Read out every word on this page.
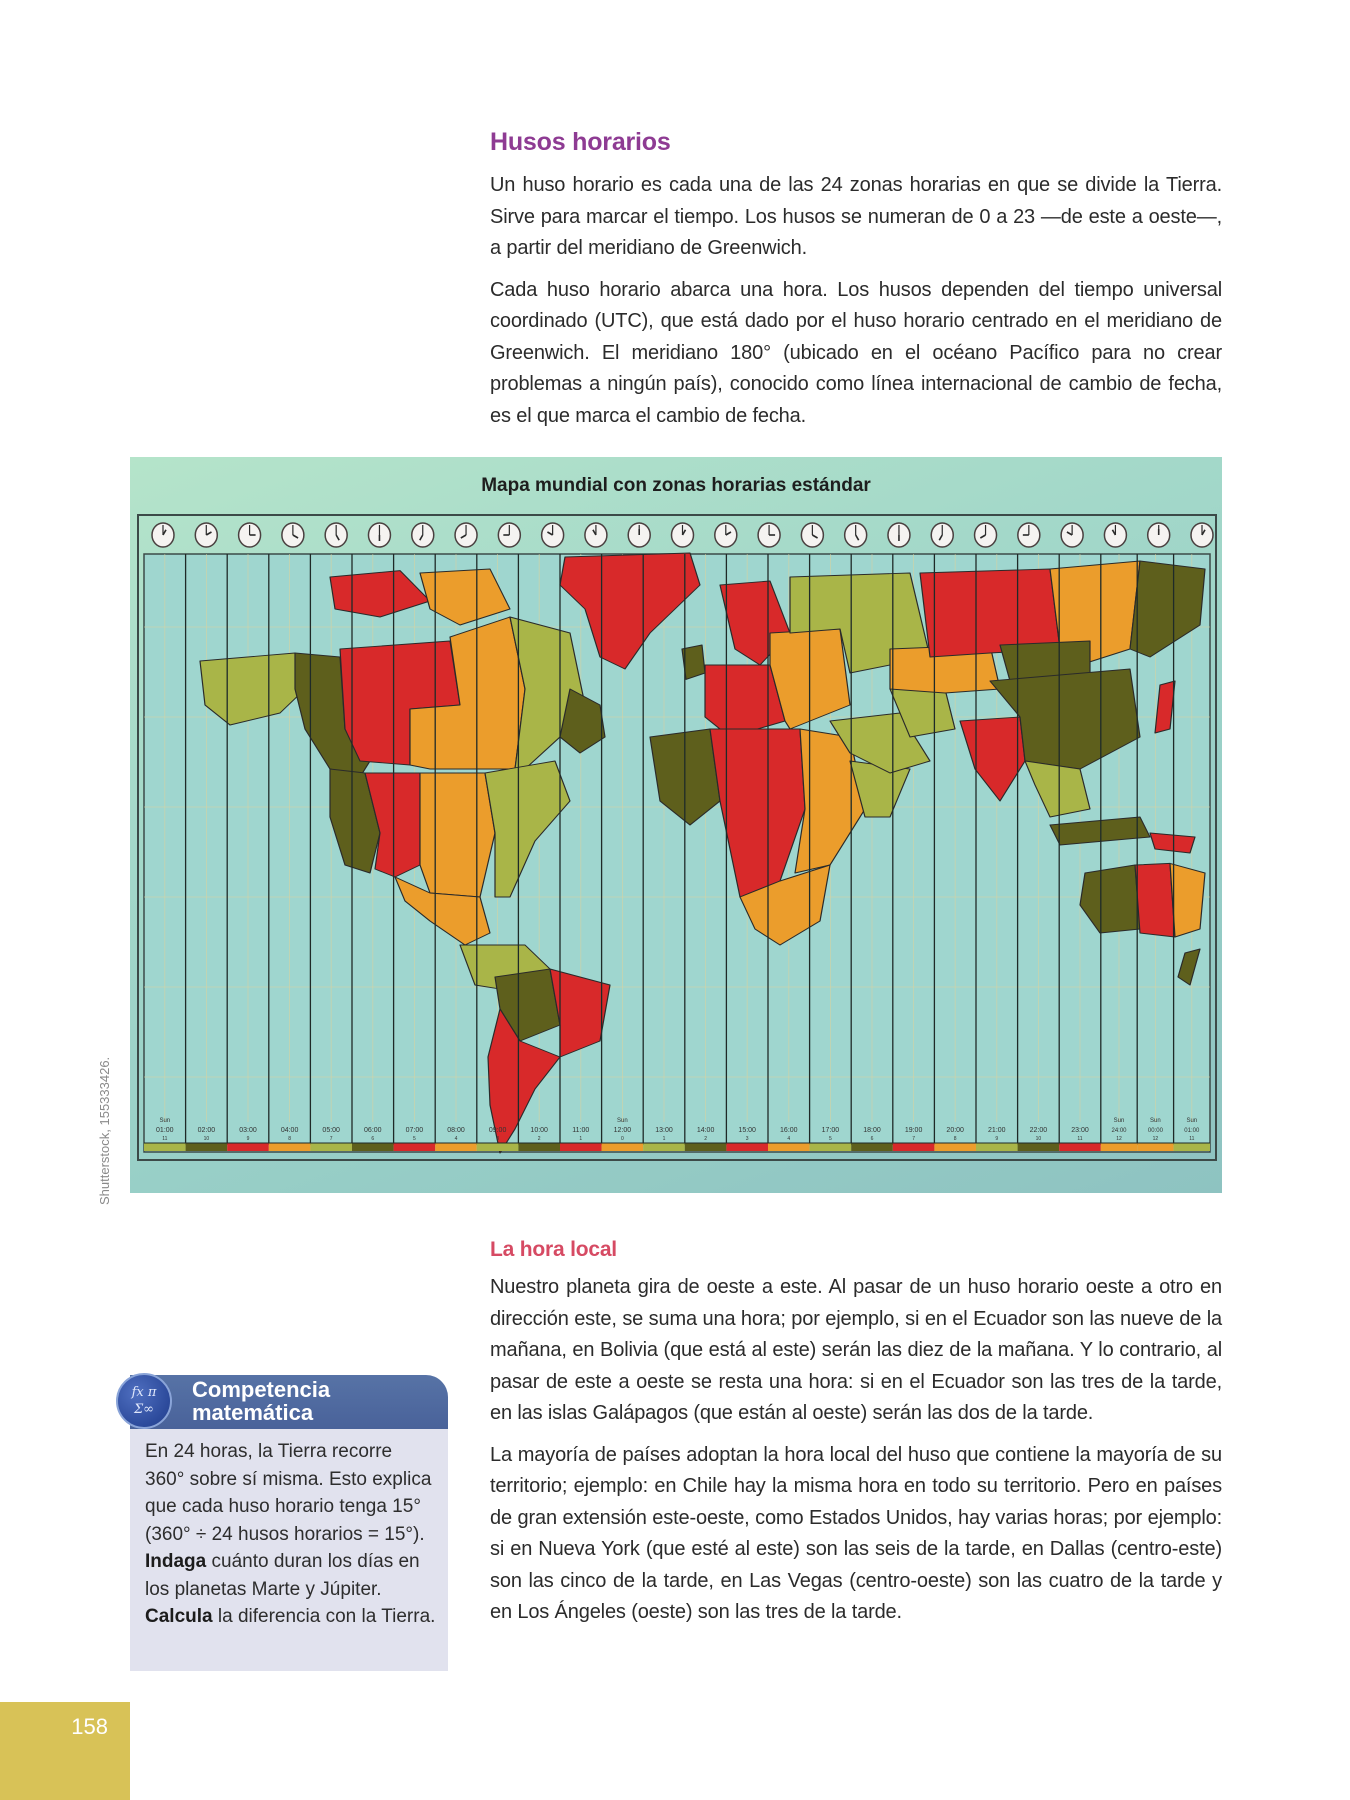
Husos horarios

Un huso horario es cada una de las 24 zonas horarias en que se divide la Tierra. Sirve para marcar el tiempo. Los husos se numeran de 0 a 23 —de este a oeste—, a partir del meridiano de Greenwich.

Cada huso horario abarca una hora. Los husos dependen del tiempo universal coordinado (UTC), que está dado por el huso horario centrado en el meridiano de Greenwich. El meridiano 180° (ubicado en el océano Pacífico para no crear problemas a ningún país), conocido como línea internacional de cambio de fecha, es el que marca el cambio de fecha.

Mapa mundial con zonas horarias estándar
Sun
01:00
11
02:00
10
03:00
9
04:00
8
05:00
7
06:00
6
07:00
5
08:00
4
09:00
3
10:00
2
11:00
1
Sun
12:00
0
13:00
1
14:00
2
15:00
3
16:00
4
17:00
5
18:00
6
19:00
7
20:00
8
21:00
9
22:00
10
23:00
11
Sun
24:00
12
Sun
00:00
12
Sun
01:00
11
Shutterstock, 155333426.
La hora local

Nuestro planeta gira de oeste a este. Al pasar de un huso horario oeste a otro en dirección este, se suma una hora; por ejemplo, si en el Ecuador son las nueve de la mañana, en Bolivia (que está al este) serán las diez de la mañana. Y lo contrario, al pasar de este a oeste se resta una hora: si en el Ecuador son las tres de la tarde, en las islas Galápagos (que están al oeste) serán las dos de la tarde.

La mayoría de países adoptan la hora local del huso que contiene la mayoría de su territorio; ejemplo: en Chile hay la misma hora en todo su territorio. Pero en países de gran extensión este-oeste, como Estados Unidos, hay varias horas; por ejemplo: si en Nueva York (que esté al este) son las seis de la tarde, en Dallas (centro-este) son las cinco de la tarde, en Las Vegas (centro-oeste) son las cuatro de la tarde y en Los Ángeles (oeste) son las tres de la tarde.

Competencia
matemática
fx π
Σ∞
En 24 horas, la Tierra recorre 360° sobre sí misma. Esto explica que cada huso horario tenga 15° (360° ÷ 24 husos horarios = 15°). Indaga cuánto duran los días en los planetas Marte y Júpiter. Calcula la diferencia con la Tierra.
158
